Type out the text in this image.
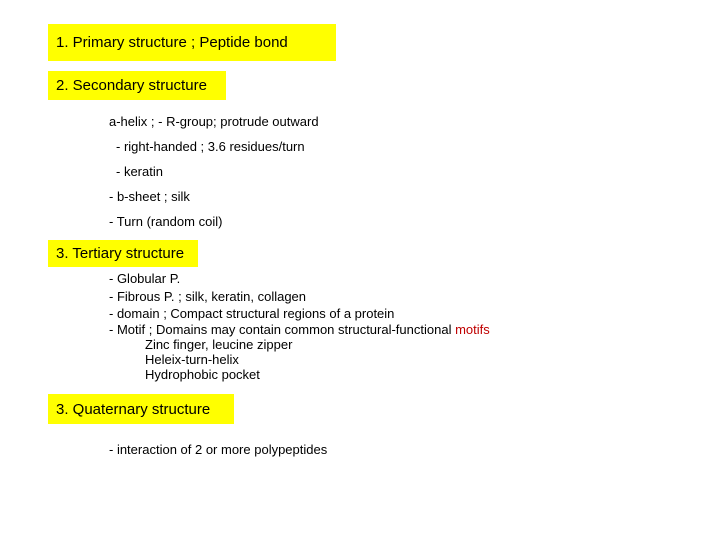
1. Primary structure ; Peptide bond
2. Secondary structure
a-helix ; - R-group; protrude outward
- right-handed ; 3.6 residues/turn
- keratin
- b-sheet ; silk
- Turn (random coil)
3. Tertiary structure
- Globular P.
- Fibrous P. ; silk, keratin, collagen
- domain ; Compact structural regions of a protein
- Motif ; Domains may contain common structural-functional motifs
Zinc finger, leucine zipper
Heleix-turn-helix
Hydrophobic pocket
3. Quaternary structure
- interaction of 2 or more polypeptides
